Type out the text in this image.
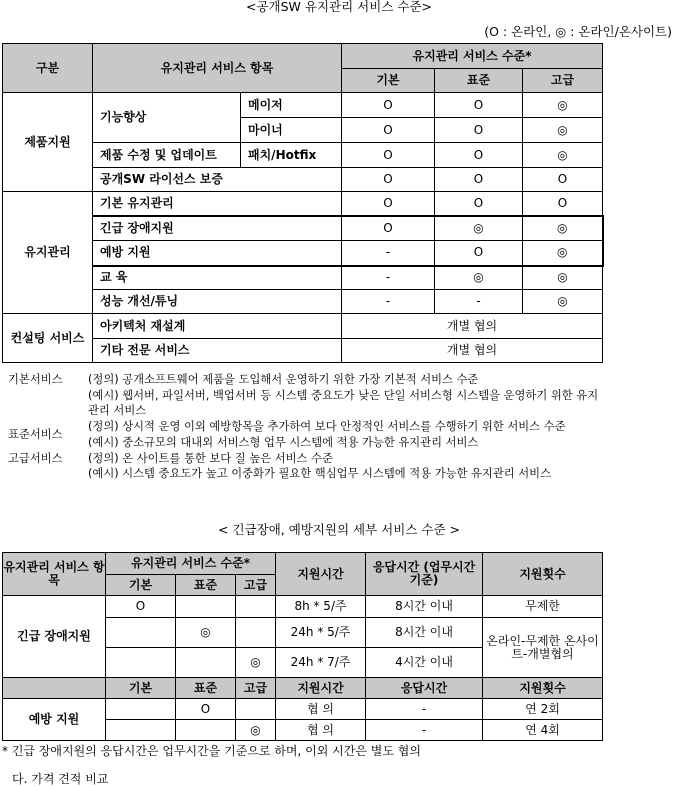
<공개SW 유지관리 서비스 수준>
(O : 온라인, ◎ : 온라인/온사이트)
구분	유지관리 서비스 항목		유지관리 서비스 수준*		
			기본	표준	고급
제품지원	기능향상	메이저	O	O	◎
		마이너	O	O	◎
	제품 수정 및 업데이트	패치/Hotfix	O	O	◎
	공개SW 라이선스 보증		O	O	O
유지관리	기본 유지관리		O	O	O
	긴급 장애지원		O	◎	◎
	예방 지원		-	O	◎
	교 육		-	◎	◎
	성능 개선/튜닝		-	-	◎
컨설팅 서비스	아키텍처 재설계		개별 협의		
	기타 전문 서비스		개별 협의		
기본서비스	(정의) 공개소프트웨어 제품을 도입해서 운영하기 위한 가장 기본적 서비스 수준
(예시) 웹서버, 파일서버, 백업서버 등 시스템 중요도가 낮은 단일 서비스형 시스템을 운영하기 위한 유지관리 서비스
표준서비스
(정의) 상시적 운영 이외 예방항목을 추가하여 보다 안정적인 서비스를 수행하기 위한 서비스 수준
(예시) 중소규모의 대내외 서비스형 업무 시스템에 적용 가능한 유지관리 서비스
고급서비스	(정의) 온 사이트를 통한 보다 질 높은 서비스 수준
(예시) 시스템 중요도가 높고 이중화가 필요한 핵심업무 시스템에 적용 가능한 유지관리 서비스
< 긴급장애, 예방지원의 세부 서비스 수준 >
유지관리 서비스 항목	유지관리 서비스 수준*			지원시간	응답시간 (업무시간 기준)	지원횟수
	기본	표준	고급			
긴급 장애지원	O			8h * 5/주	8시간 이내	무제한
		◎		24h * 5/주	8시간 이내	온라인-무제한 온사이트-개별협의
			◎	24h * 7/주	4시간 이내	
	기본	표준	고급	지원시간	응답시간	지원횟수
예방 지원		O		협 의	-	연 2회
			◎	협 의	-	연 4회
* 긴급 장애지원의 응답시간은 업무시간을 기준으로 하며, 이외 시간은 별도 협의
다. 가격 견적 비교
